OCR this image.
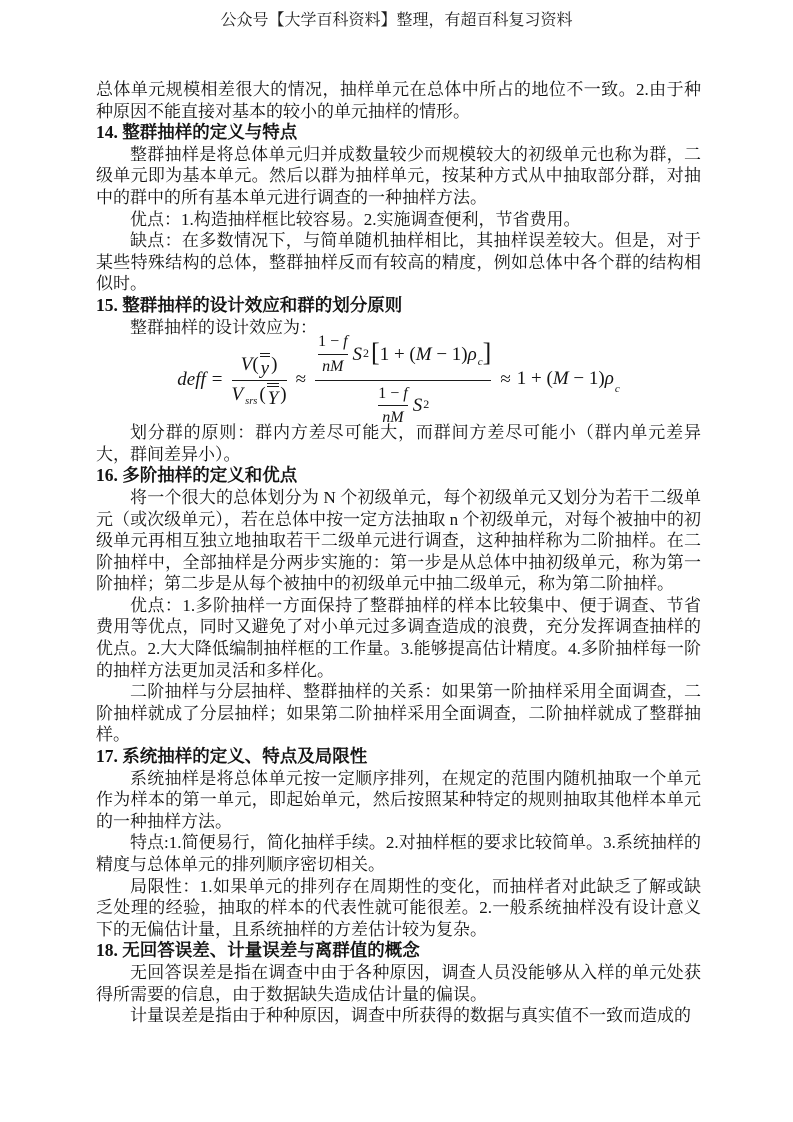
公众号【大学百科资料】整理，有超百科复习资料

总体单元规模相差很大的情况，抽样单元在总体中所占的地位不一致。2.由于种种原因不能直接对基本的较小的单元抽样的情形。

14. 整群抽样的定义与特点

整群抽样是将总体单元归并成数量较少而规模较大的初级单元也称为群，二级单元即为基本单元。然后以群为抽样单元，按某种方式从中抽取部分群，对抽中的群中的所有基本单元进行调查的一种抽样方法。

优点：1.构造抽样框比较容易。2.实施调查便利，节省费用。

缺点：在多数情况下，与简单随机抽样相比，其抽样误差较大。但是，对于某些特殊结构的总体，整群抽样反而有较高的精度，例如总体中各个群的结构相似时。

15. 整群抽样的设计效应和群的划分原则

整群抽样的设计效应为：

deff = $\frac{V ( y )}{\text{V srs ( Y )}}$ ≈
1 −
f
nM S 2 [ 1 + ( M
− 1) ρ c ]
1 −
f
nM S 2
≈ $1 + (M - 1)\rho_c$

划分群的原则：群内方差尽可能大，而群间方差尽可能小（群内单元差异大，群间差异小）。

16. 多阶抽样的定义和优点

将一个很大的总体划分为 N 个初级单元，每个初级单元又划分为若干二级单元（或次级单元），若在总体中按一定方法抽取 n 个初级单元，对每个被抽中的初级单元再相互独立地抽取若干二级单元进行调查，这种抽样称为二阶抽样。在二阶抽样中，全部抽样是分两步实施的：第一步是从总体中抽初级单元，称为第一阶抽样；第二步是从每个被抽中的初级单元中抽二级单元，称为第二阶抽样。

优点：1.多阶抽样一方面保持了整群抽样的样本比较集中、便于调查、节省费用等优点，同时又避免了对小单元过多调查造成的浪费，充分发挥调查抽样的优点。2.大大降低编制抽样框的工作量。3.能够提高估计精度。4.多阶抽样每一阶的抽样方法更加灵活和多样化。

二阶抽样与分层抽样、整群抽样的关系：如果第一阶抽样采用全面调查，二阶抽样就成了分层抽样；如果第二阶抽样采用全面调查，二阶抽样就成了整群抽样。

17. 系统抽样的定义、特点及局限性

系统抽样是将总体单元按一定顺序排列，在规定的范围内随机抽取一个单元作为样本的第一单元，即起始单元，然后按照某种特定的规则抽取其他样本单元的一种抽样方法。

特点:1.简便易行，简化抽样手续。2.对抽样框的要求比较简单。3.系统抽样的精度与总体单元的排列顺序密切相关。

局限性：1.如果单元的排列存在周期性的变化，而抽样者对此缺乏了解或缺乏处理的经验，抽取的样本的代表性就可能很差。2.一般系统抽样没有设计意义下的无偏估计量，且系统抽样的方差估计较为复杂。

18. 无回答误差、计量误差与离群值的概念

无回答误差是指在调查中由于各种原因，调查人员没能够从入样的单元处获得所需要的信息，由于数据缺失造成估计量的偏误。

计量误差是指由于种种原因，调查中所获得的数据与真实值不一致而造成的
